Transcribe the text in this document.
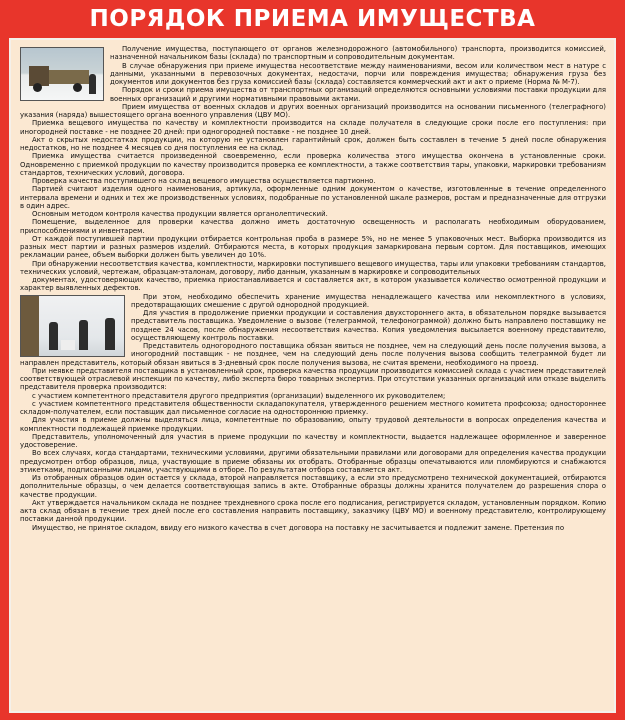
ПОРЯДОК ПРИЕМА ИМУЩЕСТВА

Получение имущества, поступающего от органов железнодорожного (автомобильного) транспорта, производится комиссией, назначенной начальником базы (склада) по транспортным и сопроводительным документам.

В случае обнаружения при приеме имущества несоответствие между наименованиями, весом или количеством мест в натуре с данными, указанными в перевозочных документах, недостачи, порчи или повреждения имущества; обнаружения груза без документов или документов без груза комиссией базы (склада) составляется коммерческий акт и акт о приеме (Норма № М-7).

Порядок и сроки приема имущества от транспортных организаций определяются основными условиями поставки продукции для военных организаций и другими нормативными правовыми актами.

Прием имущества от военных складов и других военных организаций производится на основании письменного (телеграфного) указания (наряда) вышестоящего органа военного управления (ЦВУ МО).

Приемка вещевого имущества по качеству и комплектности производится на складе получателя в следующие сроки после его поступления: при иногородней поставке - не позднее 20 дней: при одногородней поставке - не позднее 10 дней.

Акт о скрытых недостатках продукции, на которую не установлен гарантийный срок, должен быть составлен в течение 5 дней после обнаружения недостатков, но не позднее 4 месяцев со дня поступления ее на склад.

Приемка имущества считается произведенной своевременно, если проверка количества этого имущества окончена в установленные сроки. Одновременно с приемкой продукции по качеству производится проверка ее комплектности, а также соответствия тары, упаковки, маркировки требованиям стандартов, технических условий, договора.

Проверка качества поступившего на склад вещевого имущества осуществляется партионно.

Партией считают изделия одного наименования, артикула, оформленные одним документом о качестве, изготовленные в течение определенного интервала времени и одних и тех же производственных условиях, подобранные по установленной шкале размеров, ростам и предназначенные для отгрузки в один адрес.

Основным методом контроля качества продукции является органолептический.

Помещение, выделенное для проверки качества должно иметь достаточную освещенность и располагать необходимым оборудованием, приспособлениями и инвентарем.

От каждой поступившей партии продукции отбирается контрольная проба в размере 5%, но не менее 5 упаковочных мест. Выборка производится из разных мест партии и разных размеров изделий. Отбираются места, в которых продукция замаркирована первым сортом. Для поставщиков, имеющих рекламации ранее, объем выборки должен быть увеличен до 10%.

При обнаружении несоответствия качества, комплектности, маркировки поступившего вещевого имущества, тары или упаковки требованиям стандартов, технических условий, чертежам, образцам-эталонам, договору, либо данным, указанным в маркировке и сопроводительных

документах, удостоверяющих качество, приемка приостанавливается и составляется акт, в котором указывается количество осмотренной продукции и характер выявленных дефектов.

При этом, необходимо обеспечить хранение имущества ненадлежащего качества или некомплектного в условиях, предотвращающих смешение с другой однородной продукцией.

Для участия в продолжение приемки продукции и составления двухстороннего акта, в обязательном порядке вызывается представитель поставщика. Уведомление о вызове (телеграммой, телефонограммой) должно быть направлено поставщику не позднее 24 часов, после обнаружения несоответствия качества. Копия уведомления высылается военному представителю, осуществляющему контроль поставки.

Представитель одногородного поставщика обязан явиться не позднее, чем на следующий день после получения вызова, а иногородний поставщик - не позднее, чем на следующий день после получения вызова сообщить телеграммой будет ли направлен представитель, который обязан явиться в 3-дневный срок после получения вызова, не считая времени, необходимого на проезд.

При неявке представителя поставщика в установленный срок, проверка качества продукции производится комиссией склада с участием представителей соответствующей отраслевой инспекции по качеству, либо эксперта бюро товарных экспертиз. При отсутствии указанных организаций или отказе выделить представителя проверка производится:

с участием компетентного представителя другого предприятия (организации) выделенного их руководителем;

с участием компетентного представителя общественности складапокупателя, утвержденного решением местного комитета профсоюза; одностороннее складом-получателем, если поставщик дал письменное согласие на одностороннюю приемку.

Для участия в приеме должны выделяться лица, компетентные по образованию, опыту трудовой деятельности в вопросах определения качества и комплектности подлежащей приемке продукции.

Представитель, уполномоченный для участия в приеме продукции по качеству и комплектности, выдается надлежащее оформленное и заверенное удостоверение.

Во всех случаях, когда стандартами, техническими условиями, другими обязательными правилами или договорами для определения качества продукции предусмотрен отбор образцов, лица, участвующие в приеме обязаны их отобрать. Отобранные образцы опечатываются или пломбируются и снабжаются этикетками, подписанными лицами, участвующими в отборе. По результатам отбора составляется акт.

Из отобранных образцов один остается у склада, второй направляется поставщику, а если это предусмотрено технической документацией, отбираются дополнительные образцы, о чем делается соответствующая запись в акте. Отобранные образцы должны хранится получателем до разрешения спора о качестве продукции.

Акт утверждается начальником склада не позднее трехдневного срока после его подписания, регистрируется складом, установленным порядком. Копию акта склад обязан в течение трех дней после его составления направить поставщику, заказчику (ЦВУ МО) и военному представителю, контролирующему поставки данной продукции.

Имущество, не принятое складом, ввиду его низкого качества в счет договора на поставку не засчитывается и подлежит замене. Претензия по
